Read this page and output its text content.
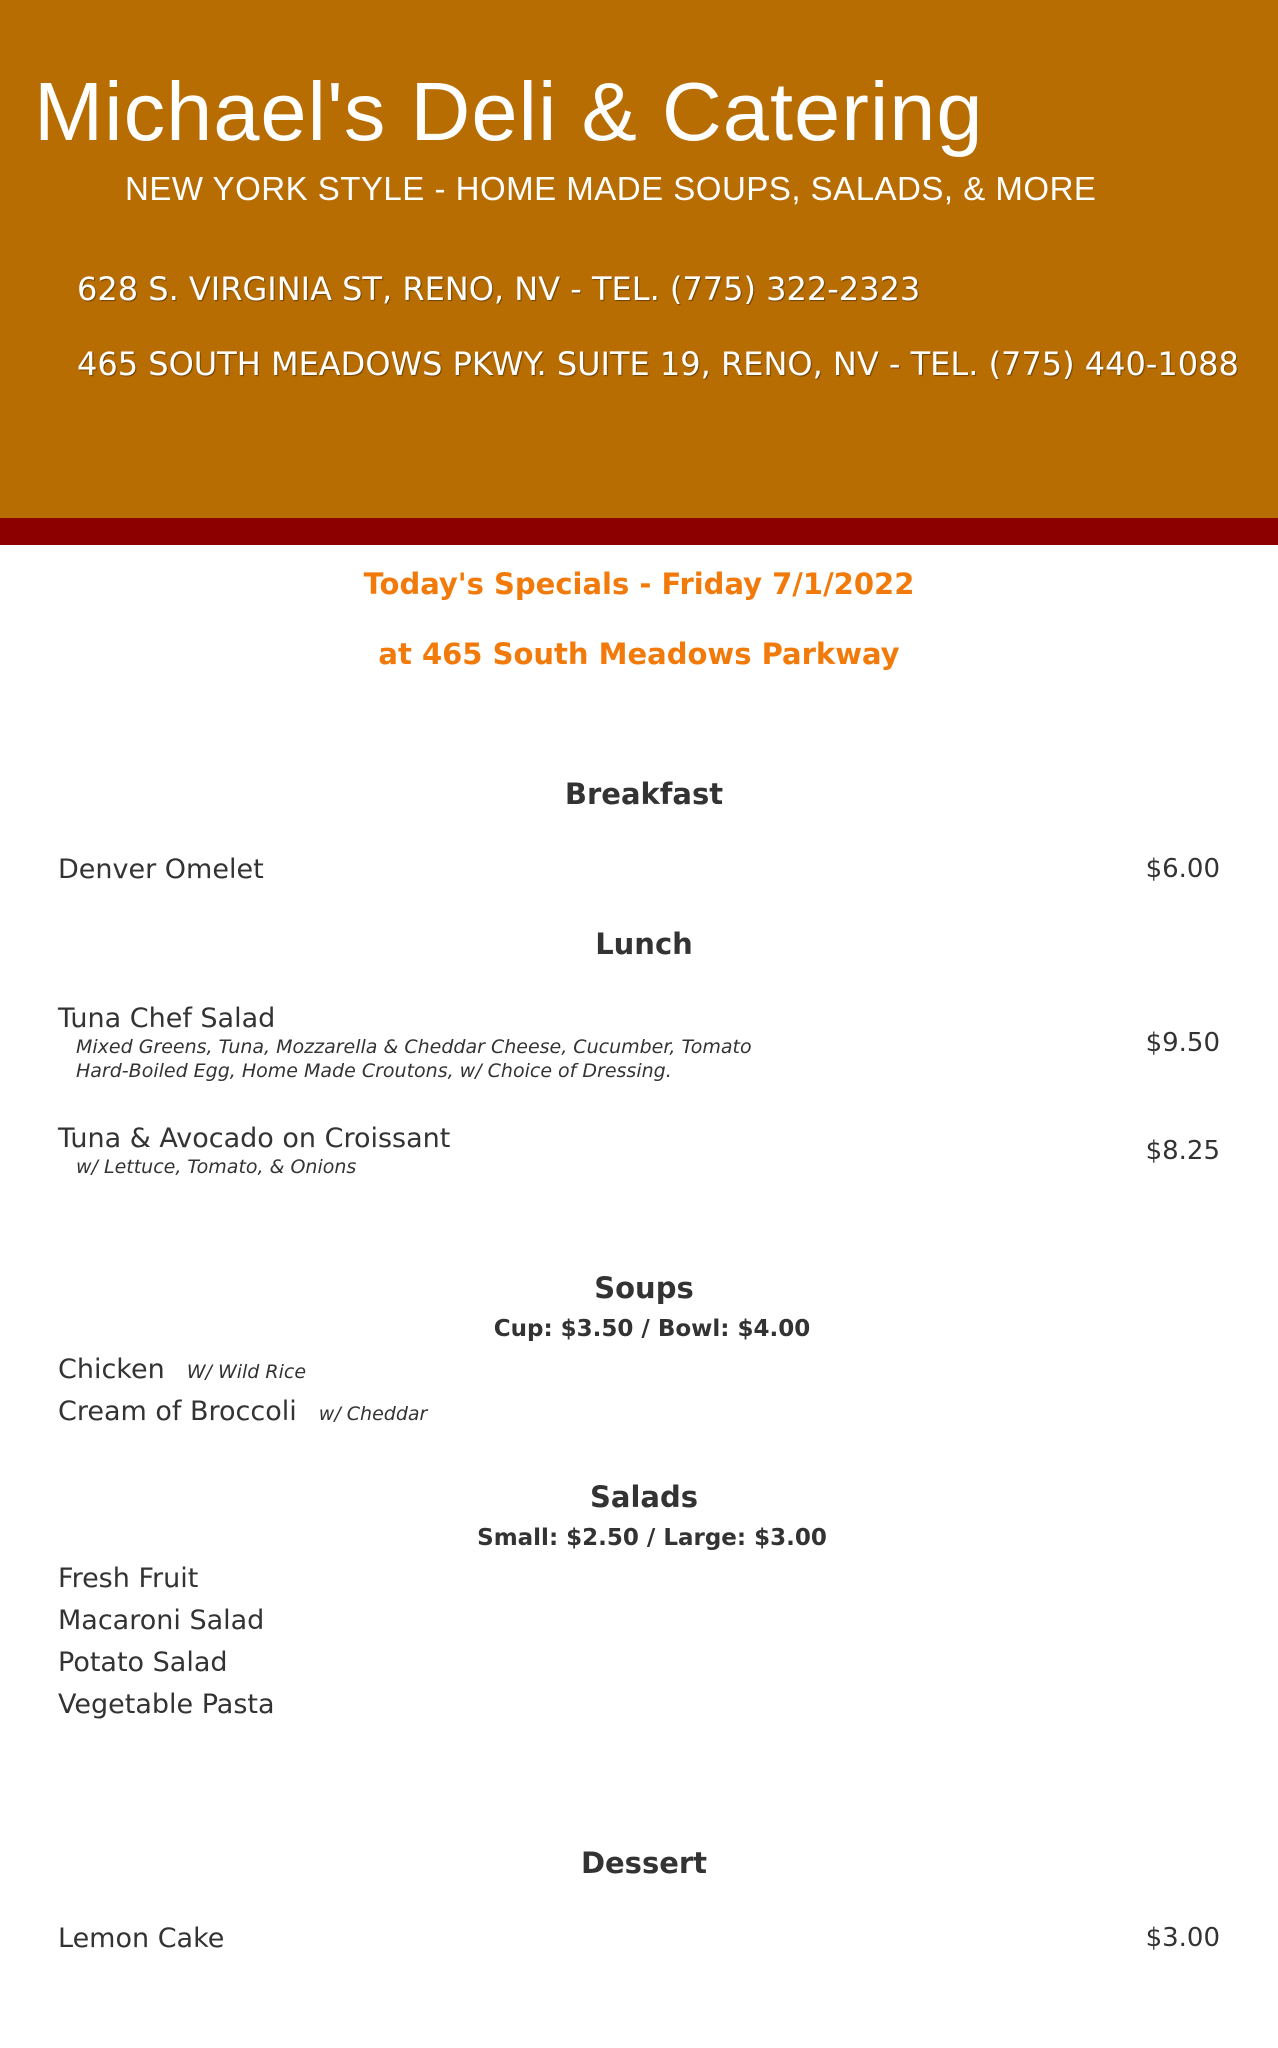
Michael's Deli & Catering
NEW YORK STYLE - HOME MADE SOUPS, SALADS, & MORE
628 S. VIRGINIA ST, RENO, NV - TEL. (775) 322-2323
465 SOUTH MEADOWS PKWY. SUITE 19, RENO, NV - TEL. (775) 440-1088
Today's Specials - Friday 7/1/2022
at 465 South Meadows Parkway
Breakfast
Denver Omelet	$6.00
Lunch
Tuna Chef Salad
Mixed Greens, Tuna, Mozzarella & Cheddar Cheese, Cucumber, Tomato
Hard-Boiled Egg, Home Made Croutons, w/ Choice of Dressing.
$9.50
Tuna & Avocado on Croissant
w/ Lettuce, Tomato, & Onions
$8.25
Soups
Cup: $3.50 / Bowl: $4.00
Chicken W/ Wild Rice
Cream of Broccoli w/ Cheddar
Salads
Small: $2.50 / Large: $3.00
Fresh Fruit
Macaroni Salad
Potato Salad
Vegetable Pasta
Dessert
Lemon Cake	$3.00
